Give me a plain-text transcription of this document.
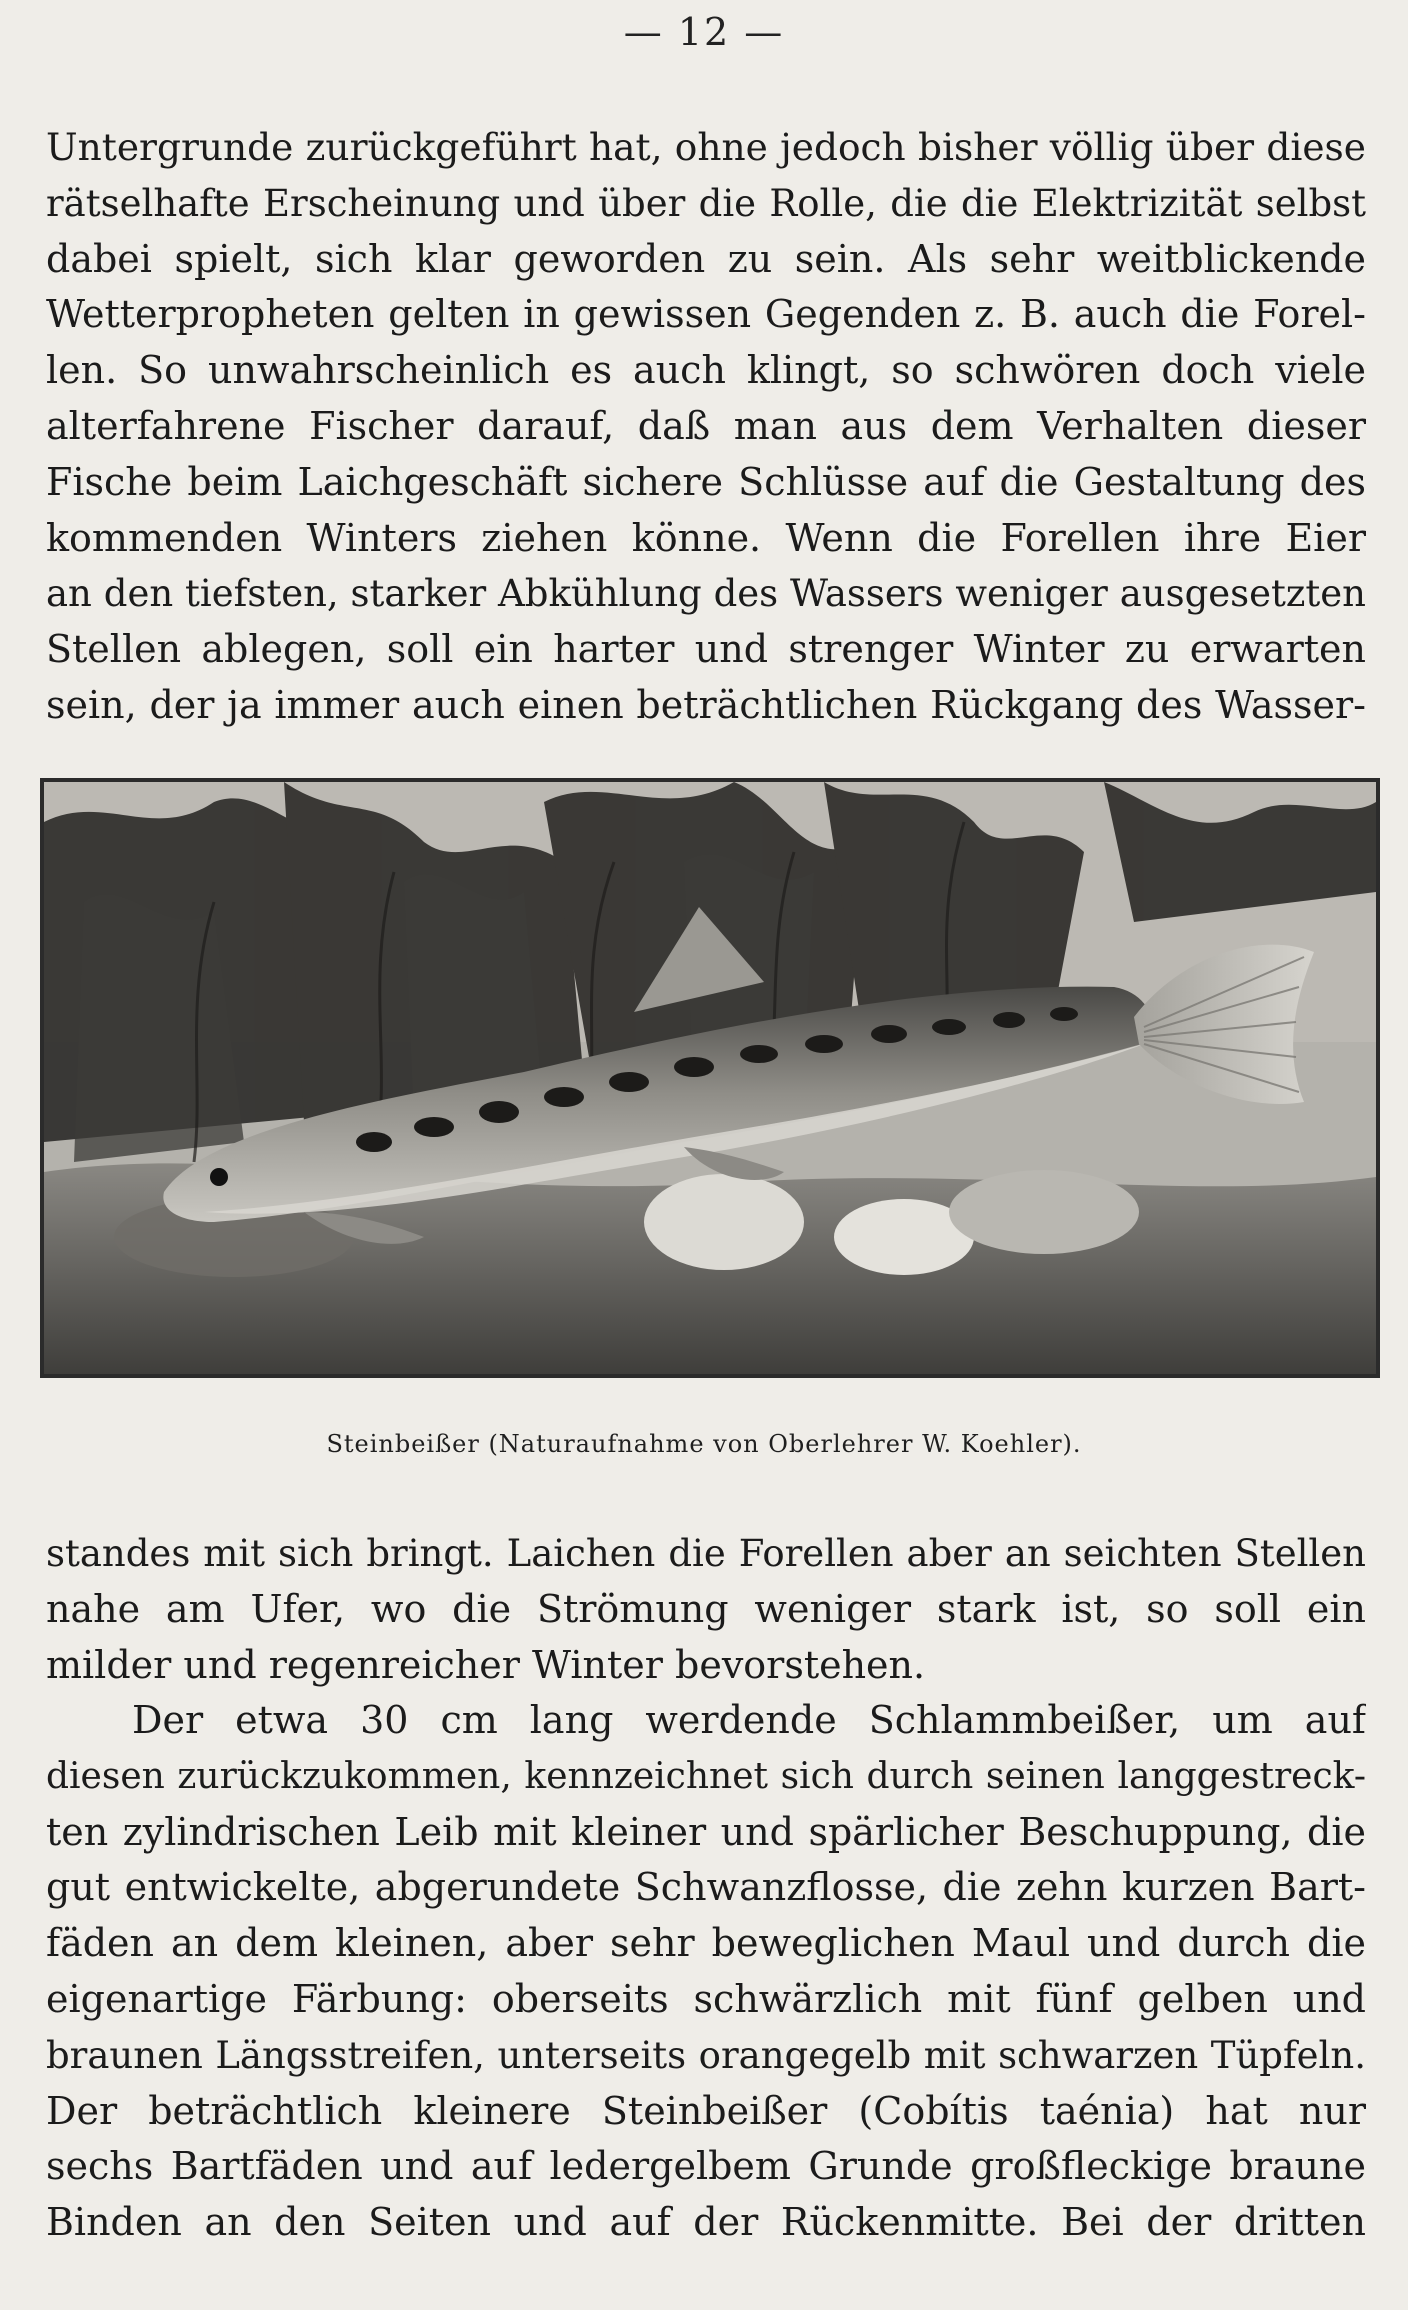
— 12 —
Untergrunde zurückgeführt hat, ohne jedoch bisher völlig über diese
rätselhafte Erscheinung und über die Rolle, die die Elektrizität selbst
dabei spielt, sich klar geworden zu sein. Als sehr weitblickende
Wetterpropheten gelten in gewissen Gegenden z. B. auch die Forel-
len. So unwahrscheinlich es auch klingt, so schwören doch viele
alterfahrene Fischer darauf, daß man aus dem Verhalten dieser
Fische beim Laichgeschäft sichere Schlüsse auf die Gestaltung des
kommenden Winters ziehen könne. Wenn die Forellen ihre Eier
an den tiefsten, starker Abkühlung des Wassers weniger ausgesetzten
Stellen ablegen, soll ein harter und strenger Winter zu erwarten
sein, der ja immer auch einen beträchtlichen Rückgang des Wasser-
Steinbeißer (Naturaufnahme von Oberlehrer W. Koehler).
standes mit sich bringt. Laichen die Forellen aber an seichten Stellen
nahe am Ufer, wo die Strömung weniger stark ist, so soll ein
milder und regenreicher Winter bevorstehen.
Der etwa 30 cm lang werdende Schlammbeißer, um auf
diesen zurückzukommen, kennzeichnet sich durch seinen langgestreck-
ten zylindrischen Leib mit kleiner und spärlicher Beschuppung, die
gut entwickelte, abgerundete Schwanzflosse, die zehn kurzen Bart-
fäden an dem kleinen, aber sehr beweglichen Maul und durch die
eigenartige Färbung: oberseits schwärzlich mit fünf gelben und
braunen Längsstreifen, unterseits orangegelb mit schwarzen Tüpfeln.
Der beträchtlich kleinere Steinbeißer (Cobítis taénia) hat nur
sechs Bartfäden und auf ledergelbem Grunde großfleckige braune
Binden an den Seiten und auf der Rückenmitte. Bei der dritten
